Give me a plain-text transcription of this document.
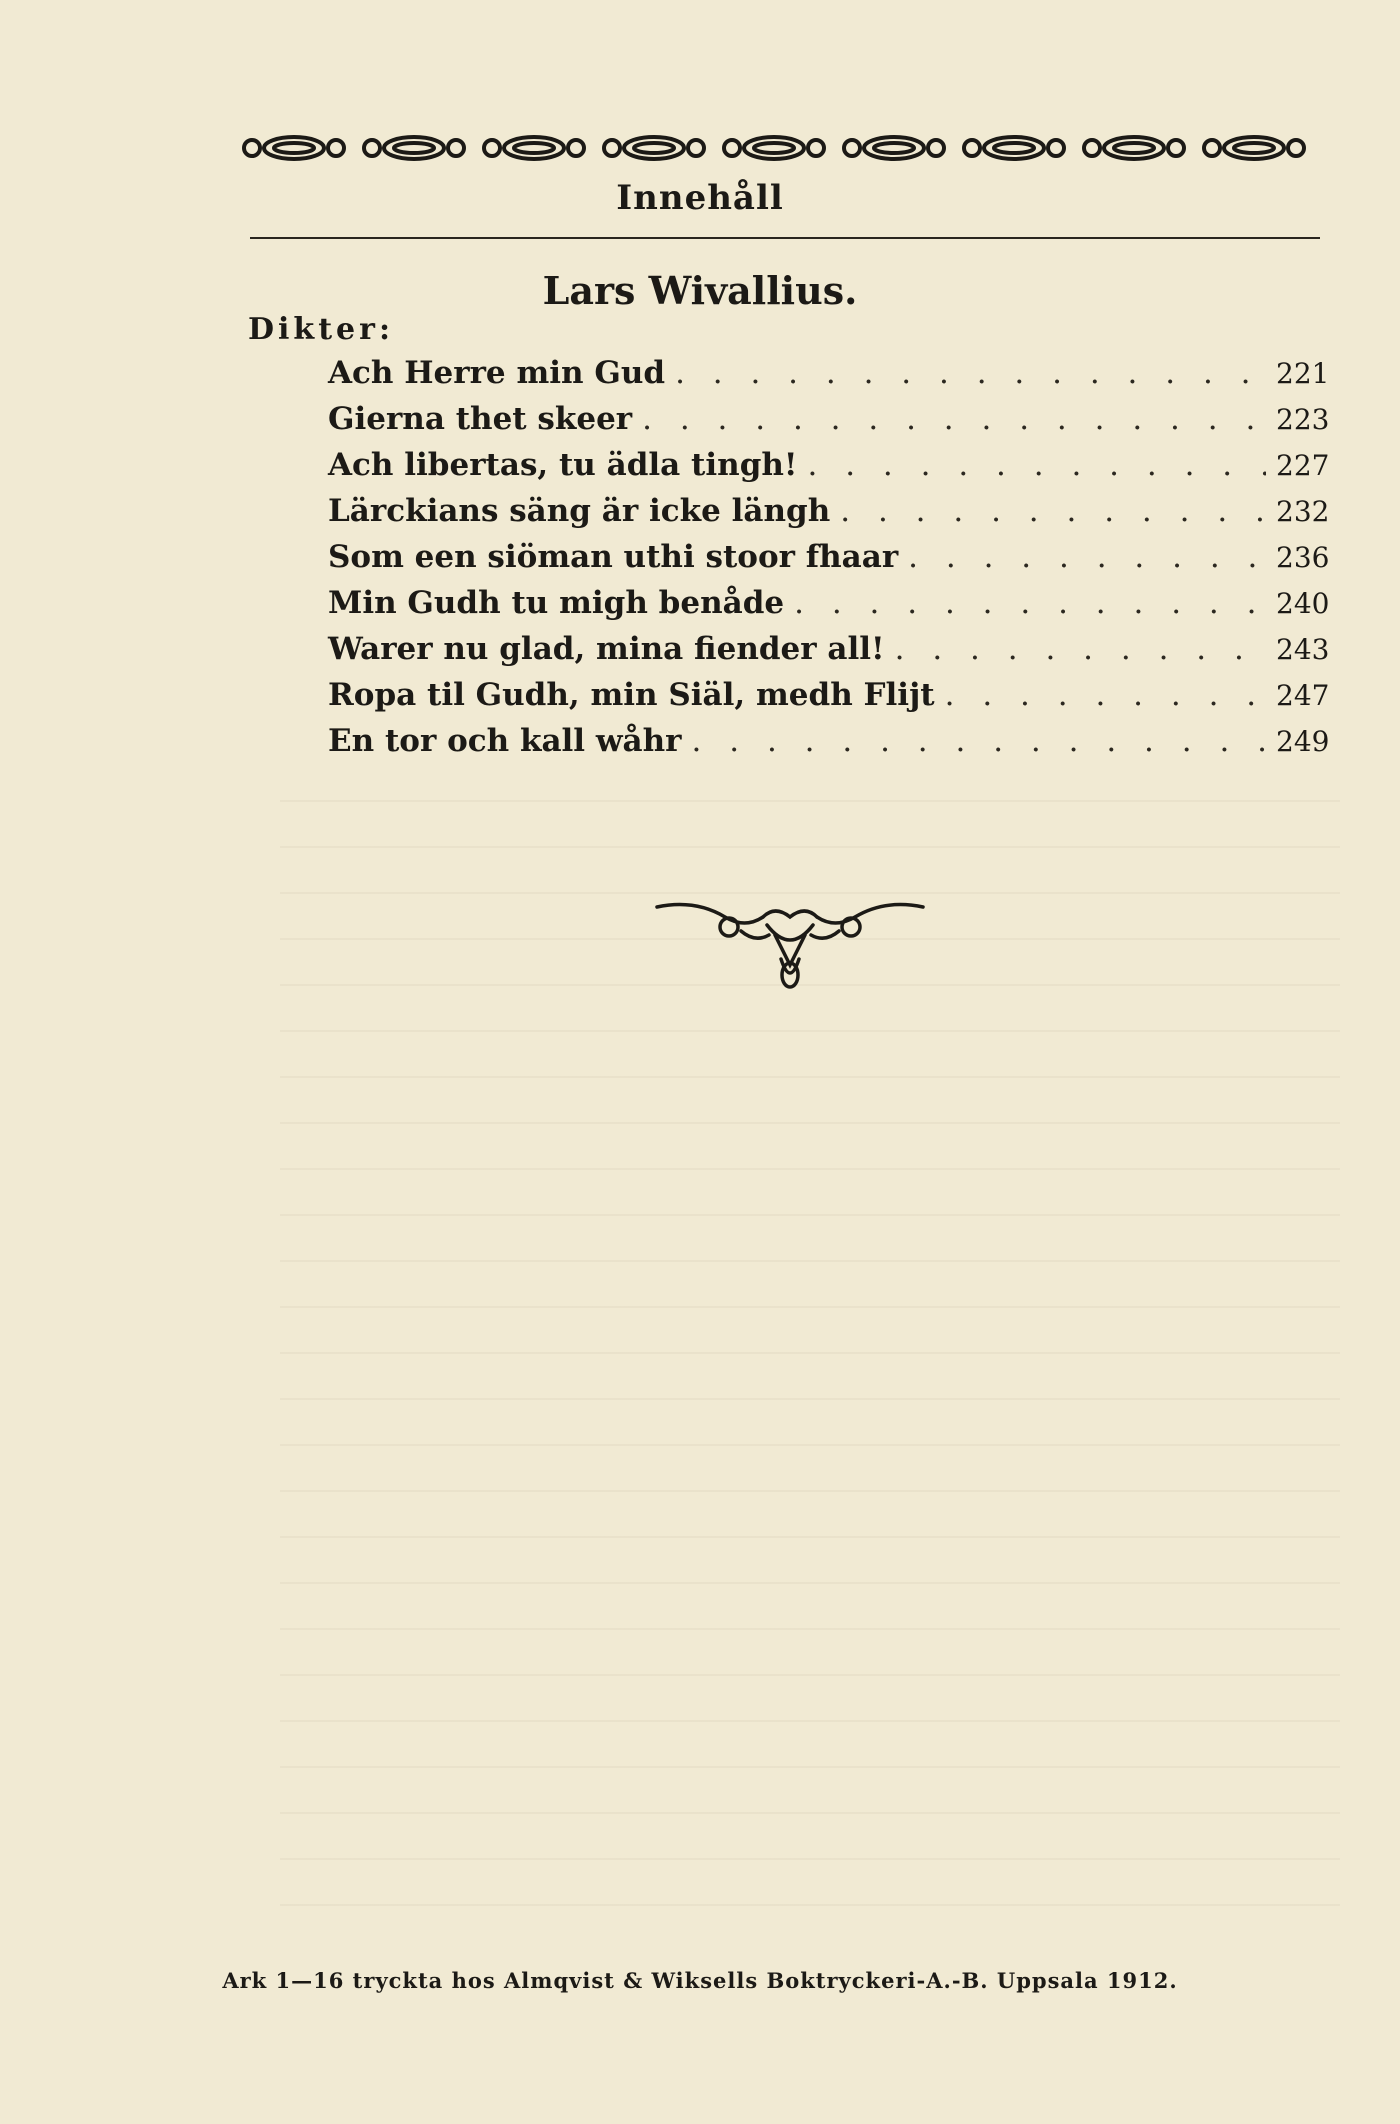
Innehåll
Lars Wivallius.
Dikter:
Ach Herre min Gud . . .	221
Gierna thet skeer . . .	223
Ach libertas, tu ädla tingh! . . .	227
Lärckians säng är icke längh . . .	232
Som een siöman uthi stoor fhaar . . .	236
Min Gudh tu migh benåde . . .	240
Warer nu glad, mina fiender all! . . .	243
Ropa til Gudh, min Siäl, medh Flijt . . .	247
En tor och kall wåhr . . .	249
Ark 1—16 tryckta hos Almqvist & Wiksells Boktryckeri-A.-B. Uppsala 1912.
